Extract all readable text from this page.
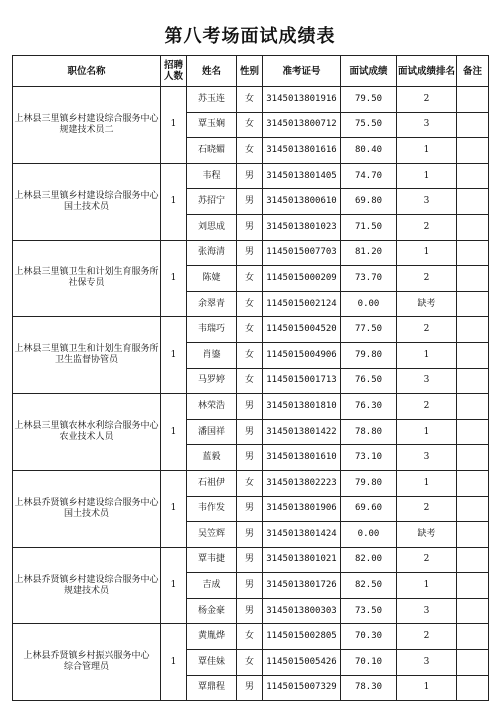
第八考场面试成绩表
职位名称	招聘人数	姓名	性别	准考证号	面试成绩	面试成绩排名	备注

上林县三里镇乡村建设综合服务中心
规建技术员二	1	苏玉连	女	3145013801916	79.50	2	
		覃玉娴	女	3145013800712	75.50	3	
		石晓媚	女	3145013801616	80.40	1	

上林县三里镇乡村建设综合服务中心
国土技术员	1	韦程	男	3145013801405	74.70	1	
		苏招宁	男	3145013800610	69.80	3	
		刘思成	男	3145013801023	71.50	2	

上林县三里镇卫生和计划生育服务所
社保专员	1	张海清	男	1145015007703	81.20	1	
		陈婕	女	1145015000209	73.70	2	
		余翠青	女	1145015002124	0.00	缺考	

上林县三里镇卫生和计划生育服务所
卫生监督协管员	1	韦瑞巧	女	1145015004520	77.50	2	
		肖鎏	女	1145015004906	79.80	1	
		马罗婷	女	1145015001713	76.50	3	

上林县三里镇农林水利综合服务中心
农业技术人员	1	林荣浩	男	3145013801810	76.30	2	
		潘国祥	男	3145013801422	78.80	1	
		蓝毅	男	3145013801610	73.10	3	

上林县乔贤镇乡村建设综合服务中心
国土技术员	1	石祖伊	女	3145013802223	79.80	1	
		韦作发	男	3145013801906	69.60	2	
		吴笠辉	男	3145013801424	0.00	缺考	

上林县乔贤镇乡村建设综合服务中心
规建技术员	1	覃韦捷	男	3145013801021	82.00	2	
		吉成	男	3145013801726	82.50	1	
		杨金豪	男	3145013800303	73.50	3	

上林县乔贤镇乡村振兴服务中心
综合管理员	1	黄胤烨	女	1145015002805	70.30	2	
		覃佳妹	女	1145015005426	70.10	3	
		覃鼎程	男	1145015007329	78.30	1	
